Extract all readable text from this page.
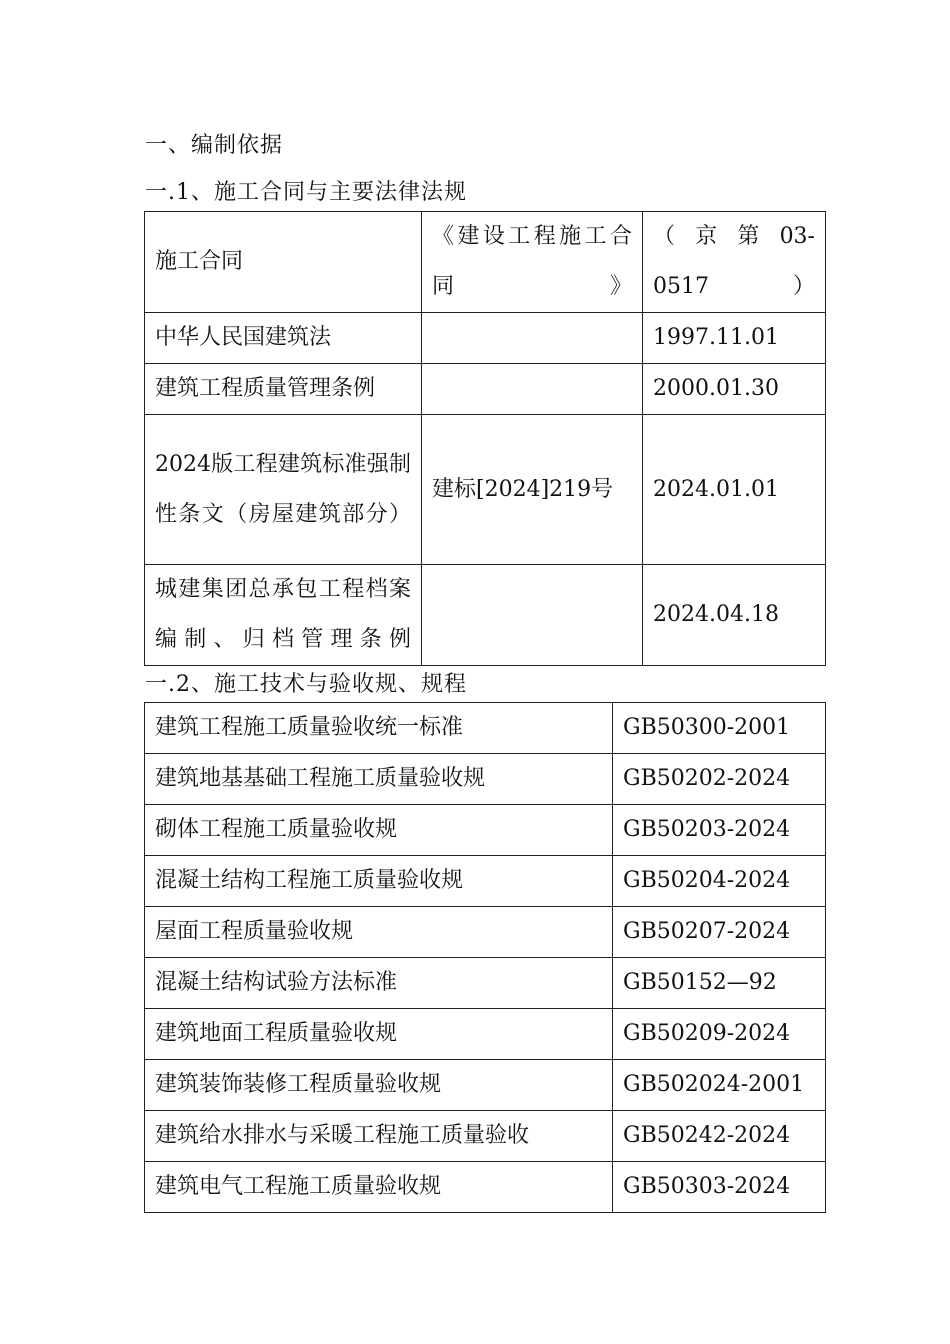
一、编制依据
一.1、施工合同与主要法律法规
施工合同	《建设工程施工合同》	（京第03-0517）
中华人民国建筑法		1997.11.01
建筑工程质量管理条例		2000.01.30
2024版工程建筑标准强制性条文（房屋建筑部分）	建标[2024]219号	2024.01.01
城建集团总承包工程档案编制、归档管理条例		2024.04.18
一.2、施工技术与验收规、规程
建筑工程施工质量验收统一标准	GB50300-2001
建筑地基基础工程施工质量验收规	GB50202-2024
砌体工程施工质量验收规	GB50203-2024
混凝土结构工程施工质量验收规	GB50204-2024
屋面工程质量验收规	GB50207-2024
混凝土结构试验方法标准	GB50152—92
建筑地面工程质量验收规	GB50209-2024
建筑装饰装修工程质量验收规	GB502024-2001
建筑给水排水与采暖工程施工质量验收	GB50242-2024
建筑电气工程施工质量验收规	GB50303-2024
